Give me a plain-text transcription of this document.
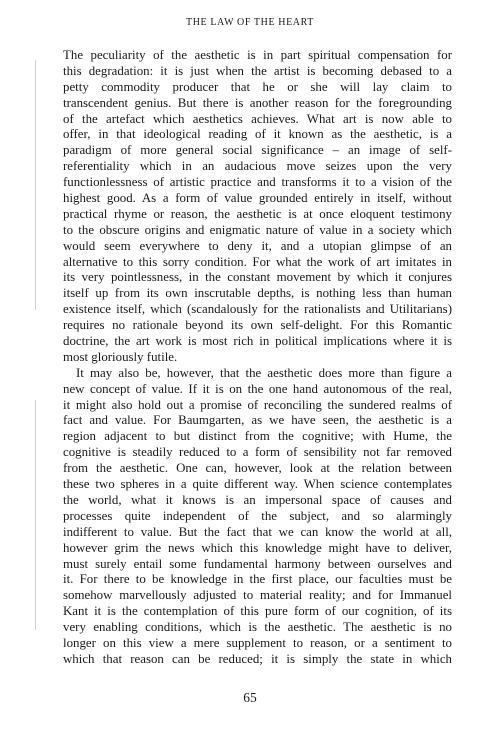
THE LAW OF THE HEART
The peculiarity of the aesthetic is in part spiritual compensation for
this degradation: it is just when the artist is becoming debased to a
petty commodity producer that he or she will lay claim to
transcendent genius. But there is another reason for the foregrounding
of the artefact which aesthetics achieves. What art is now able to
offer, in that ideological reading of it known as the aesthetic, is a
paradigm of more general social significance – an image of self-
referentiality which in an audacious move seizes upon the very
functionlessness of artistic practice and transforms it to a vision of the
highest good. As a form of value grounded entirely in itself, without
practical rhyme or reason, the aesthetic is at once eloquent testimony
to the obscure origins and enigmatic nature of value in a society which
would seem everywhere to deny it, and a utopian glimpse of an
alternative to this sorry condition. For what the work of art imitates in
its very pointlessness, in the constant movement by which it conjures
itself up from its own inscrutable depths, is nothing less than human
existence itself, which (scandalously for the rationalists and Utilitarians)
requires no rationale beyond its own self-delight. For this Romantic
doctrine, the art work is most rich in political implications where it is
most gloriously futile.
It may also be, however, that the aesthetic does more than figure a
new concept of value. If it is on the one hand autonomous of the real,
it might also hold out a promise of reconciling the sundered realms of
fact and value. For Baumgarten, as we have seen, the aesthetic is a
region adjacent to but distinct from the cognitive; with Hume, the
cognitive is steadily reduced to a form of sensibility not far removed
from the aesthetic. One can, however, look at the relation between
these two spheres in a quite different way. When science contemplates
the world, what it knows is an impersonal space of causes and
processes quite independent of the subject, and so alarmingly
indifferent to value. But the fact that we can know the world at all,
however grim the news which this knowledge might have to deliver,
must surely entail some fundamental harmony between ourselves and
it. For there to be knowledge in the first place, our faculties must be
somehow marvellously adjusted to material reality; and for Immanuel
Kant it is the contemplation of this pure form of our cognition, of its
very enabling conditions, which is the aesthetic. The aesthetic is no
longer on this view a mere supplement to reason, or a sentiment to
which that reason can be reduced; it is simply the state in which
65
